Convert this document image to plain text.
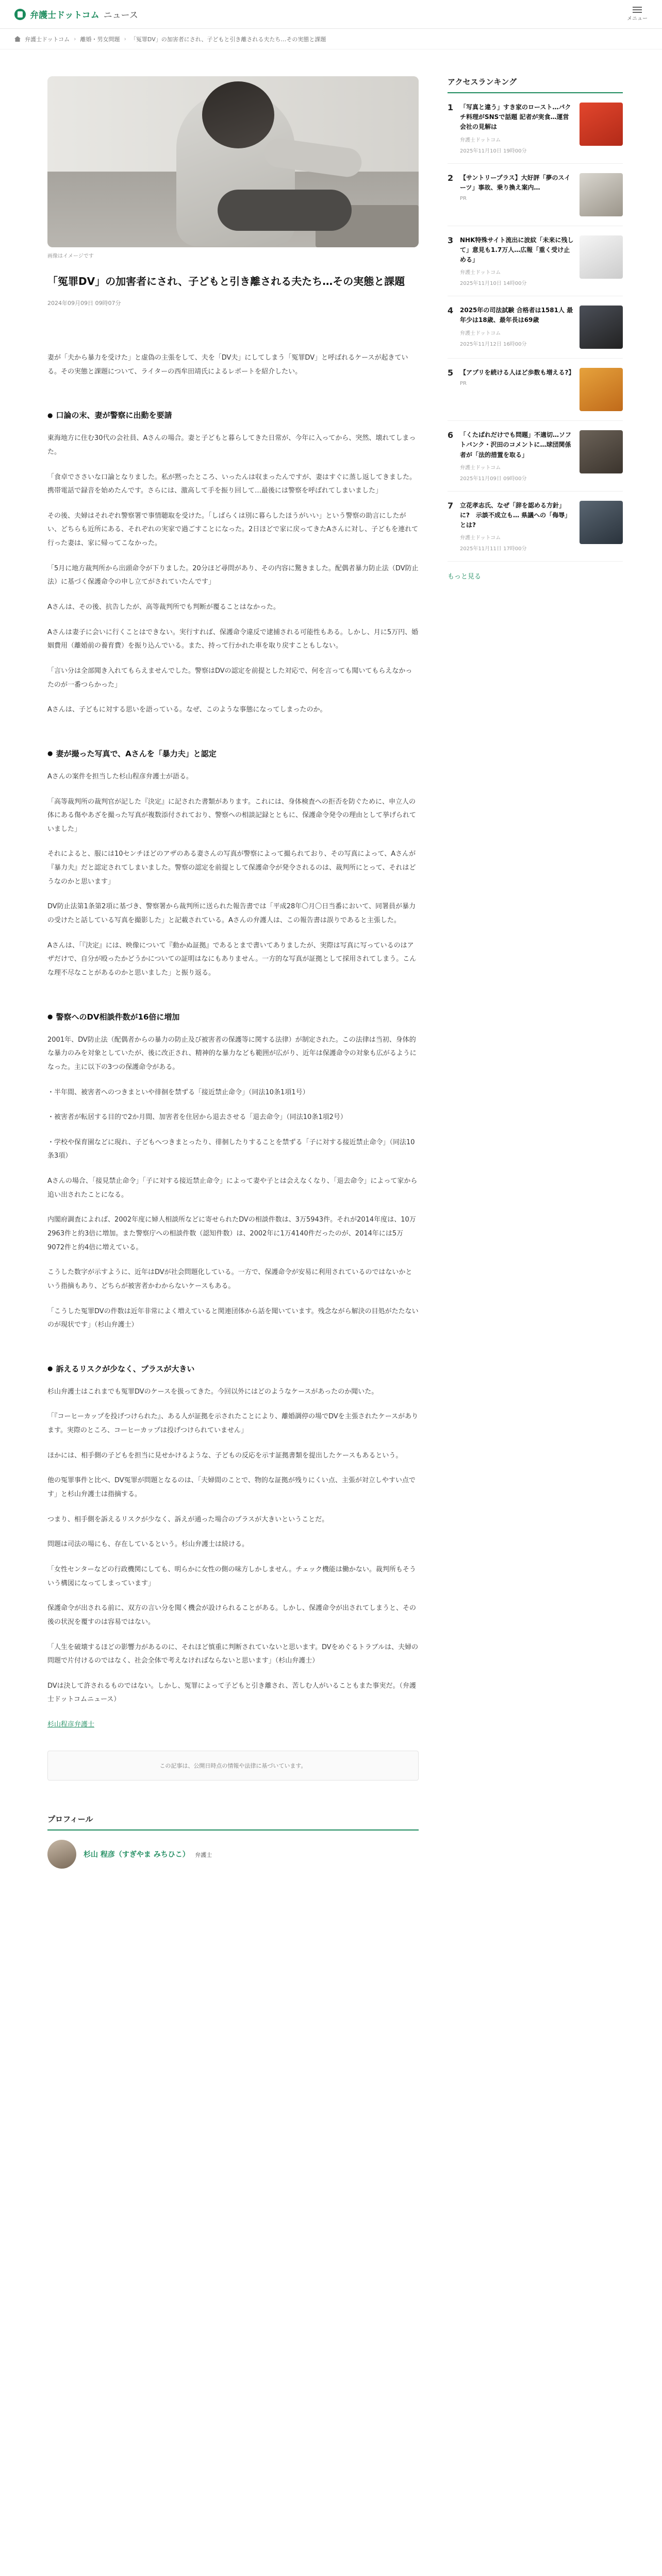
弁護士ドットコム ニュース	メニュー
弁護士ドットコム › 離婚・男女問題 › 「冤罪DV」の加害者にされ、子どもと引き離される夫たち…その実態と課題
画像はイメージです
「冤罪DV」の加害者にされ、子どもと引き離される夫たち…その実態と課題
2024年09月09日 09時07分

妻が「夫から暴力を受けた」と虚偽の主張をして、夫を「DV夫」にしてしまう「冤罪DV」と呼ばれるケースが起きている。その実態と課題について、ライターの西牟田靖氏によるレポートを紹介したい。

● 口論の末、妻が警察に出動を要請

東海地方に住む30代の会社員、Aさんの場合。妻と子どもと暮らしてきた日常が、今年に入ってから、突然、壊れてしまった。

「食卓でささいな口論となりました。私が黙ったところ、いったんは収まったんですが、妻はすぐに蒸し返してきました。携帯電話で録音を始めたんです。さらには、激高して手を振り回して…最後には警察を呼ばれてしまいました」

その後、夫婦はそれぞれ警察署で事情聴取を受けた。「しばらくは別に暮らしたほうがいい」という警察の助言にしたがい、どちらも近所にある、それぞれの実家で過ごすことになった。2日ほどで家に戻ってきたAさんに対し、子どもを連れて行った妻は、家に帰ってこなかった。

「5月に地方裁判所から出頭命令が下りました。20分ほど尋問があり、その内容に驚きました。配偶者暴力防止法（DV防止法）に基づく保護命令の申し立てがされていたんです」

Aさんは、その後、抗告したが、高等裁判所でも判断が覆ることはなかった。

Aさんは妻子に会いに行くことはできない。実行すれば、保護命令違反で逮捕される可能性もある。しかし、月に5万円、婚姻費用（離婚前の養育費）を振り込んでいる。また、持って行かれた車を取り戻すこともしない。

「言い分は全部聞き入れてもらえませんでした。警察はDVの認定を前提とした対応で、何を言っても聞いてもらえなかったのが一番つらかった」

Aさんは、子どもに対する思いを語っている。なぜ、このような事態になってしまったのか。

● 妻が撮った写真で、Aさんを「暴力夫」と認定

Aさんの案件を担当した杉山程彦弁護士が語る。

「高等裁判所の裁判官が記した『決定』に記された書類があります。これには、身体検査への拒否を防ぐために、申立人の体にある傷やあざを撮った写真が複数添付されており、警察への相談記録とともに、保護命令発令の理由として挙げられていました」

それによると、服には10センチほどのアザのある妻さんの写真が警察によって撮られており、その写真によって、Aさんが『暴力夫』だと認定されてしまいました。警察の認定を前提として保護命令が発令されるのは、裁判所にとって、それはどうなのかと思います」

DV防止法第1条第2項に基づき、警察署から裁判所に送られた報告書では「平成28年〇月〇日当番において、同署員が暴力の受けたと話している写真を撮影した」と記載されている。Aさんの弁護人は、この報告書は誤りであると主張した。

Aさんは、「『決定』には、映像について『動かぬ証拠』であるとまで書いてありましたが、実際は写真に写っているのはアザだけで、自分が殴ったかどうかについての証明はなにもありません。一方的な写真が証拠として採用されてしまう。こんな理不尽なことがあるのかと思いました」と振り返る。

● 警察へのDV相談件数が16倍に増加

2001年、DV防止法（配偶者からの暴力の防止及び被害者の保護等に関する法律）が制定された。この法律は当初、身体的な暴力のみを対象としていたが、後に改正され、精神的な暴力なども範囲が広がり、近年は保護命令の対象も広がるようになった。主に以下の3つの保護命令がある。

・半年間、被害者へのつきまといや徘徊を禁ずる「接近禁止命令」（同法10条1項1号）

・被害者が転居する目的で2か月間、加害者を住居から退去させる「退去命令」（同法10条1項2号）

・学校や保育園などに現れ、子どもへつきまとったり、徘徊したりすることを禁ずる「子に対する接近禁止命令」（同法10条3項）

Aさんの場合、「接見禁止命令」「子に対する接近禁止命令」によって妻や子とは会えなくなり、「退去命令」によって家から追い出されたことになる。

内閣府調査によれば、2002年度に婦人相談所などに寄せられたDVの相談件数は、3万5943件。それが2014年度は、10万2963件と約3倍に増加。また警察庁への相談件数（認知件数）は、2002年に1万4140件だったのが、2014年には5万9072件と約4倍に増えている。

こうした数字が示すように、近年はDVが社会問題化している。一方で、保護命令が安易に利用されているのではないかという指摘もあり、どちらが被害者かわからないケースもある。

「こうした冤罪DVの件数は近年非常によく増えていると関連団体から話を聞いています。残念ながら解決の目処がたたないのが現状です」（杉山弁護士）

● 訴えるリスクが少なく、プラスが大きい

杉山弁護士はこれまでも冤罪DVのケースを扱ってきた。今回以外にはどのようなケースがあったのか聞いた。

「『コーヒーカップを投げつけられた』、ある人が証拠を示されたことにより、離婚調停の場でDVを主張されたケースがあります。実際のところ、コーヒーカップは投げつけられていません」

ほかには、相手側の子どもを担当に見せかけるような、子どもの反応を示す証拠書類を提出したケースもあるという。

他の冤罪事件と比べ、DV冤罪が問題となるのは、「夫婦間のことで、物的な証拠が残りにくい点、主張が対立しやすい点です」と杉山弁護士は指摘する。

つまり、相手側を訴えるリスクが少なく、訴えが通った場合のプラスが大きいということだ。

問題は司法の場にも、存在しているという。杉山弁護士は続ける。

「女性センターなどの行政機関にしても、明らかに女性の側の味方しかしません。チェック機能は働かない。裁判所もそういう構図になってしまっています」

保護命令が出される前に、双方の言い分を聞く機会が設けられることがある。しかし、保護命令が出されてしまうと、その後の状況を覆すのは容易ではない。

「人生を破壊するほどの影響力があるのに、それほど慎重に判断されていないと思います。DVをめぐるトラブルは、夫婦の問題で片付けるのではなく、社会全体で考えなければならないと思います」（杉山弁護士）

DVは決して許されるものではない。しかし、冤罪によって子どもと引き離され、苦しむ人がいることもまた事実だ。（弁護士ドットコムニュース）

杉山程彦弁護士

この記事は、公開日時点の情報や法律に基づいています。
プロフィール
杉山 程彦（すぎやま みちひこ） 弁護士
アクセスランキング
1 「写真と違う」すき家のロースト…パクチ料理がSNSで話題 記者が実食…運営会社の見解は
弁護士ドットコム
2025年11月10日 19時00分
2 【サントリープラス】大好評「夢のスイーツ」事故、乗り換え案内…
PR
3 NHK特殊サイト流出に波紋「未来に残して」意見も1.7万人…広報「重く受け止める」
弁護士ドットコム
2025年11月10日 14時00分
4 2025年の司法試験 合格者は1581人 最年少は18歳、最年長は69歳
弁護士ドットコム
2025年11月12日 16時00分
5 【アプリを続ける人ほど歩数も増える?】
PR
6 「くたばれだけでも問題」不適切…ソフトバンク・沢田のコメントに…球団関係者が「法的措置を取る」
弁護士ドットコム
2025年11月09日 09時00分
7 立花孝志氏、なぜ「辞を認める方針」に?　示談不成立も… 県議への「侮辱」とは?
弁護士ドットコム
2025年11月11日 17時00分
もっと見る
